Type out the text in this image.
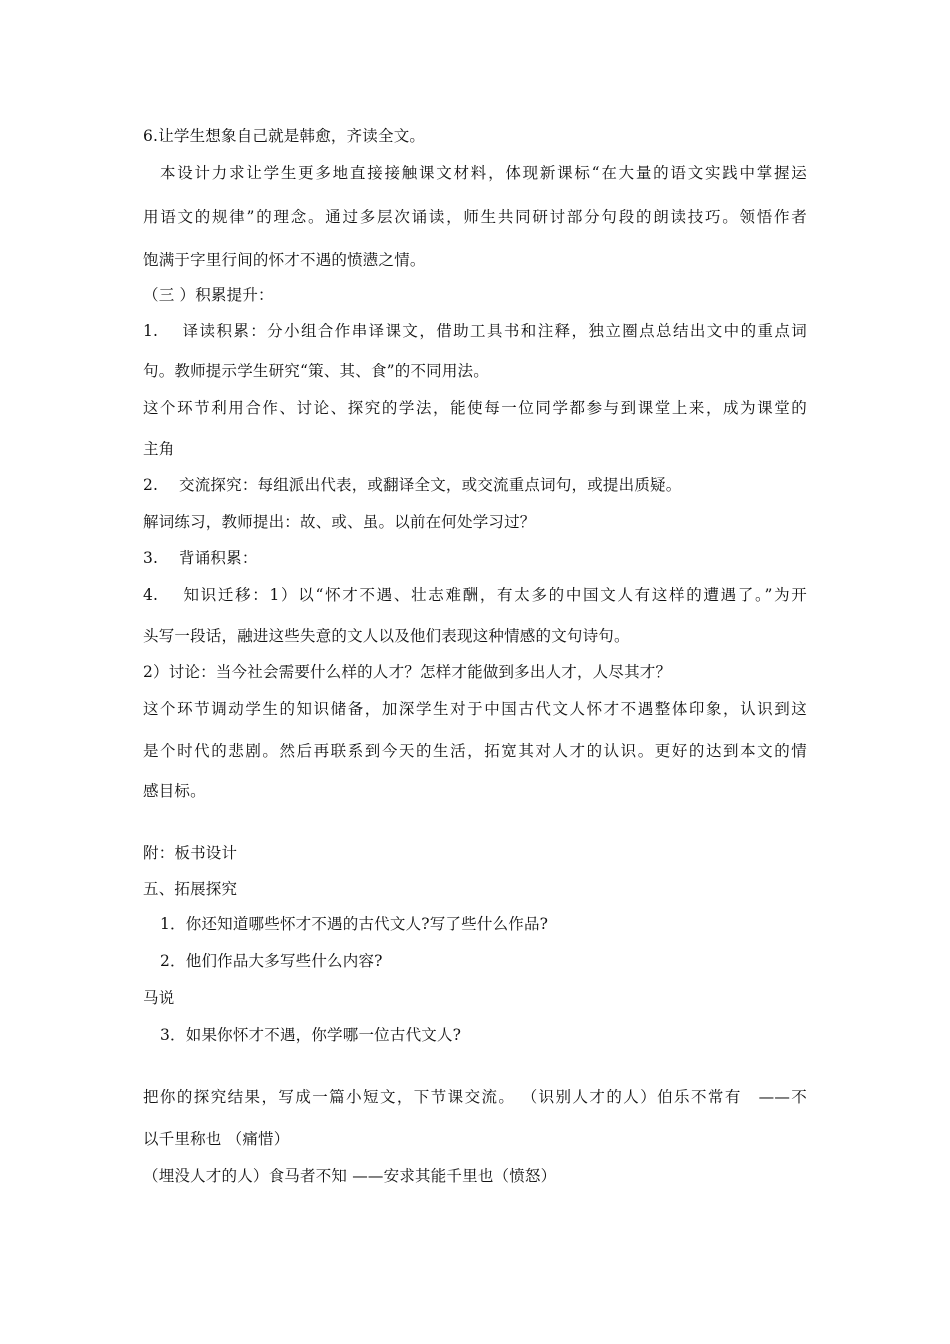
6.让学生想象自己就是韩愈，齐读全文。
本设计力求让学生更多地直接接触课文材料，体现新课标“在大量的语文实践中掌握运
用语文的规律”的理念。通过多层次诵读，师生共同研讨部分句段的朗读技巧。领悟作者
饱满于字里行间的怀才不遇的愤懑之情。
（三 ）积累提升：
1.　 译读积累：分小组合作串译课文，借助工具书和注释，独立圈点总结出文中的重点词
句。教师提示学生研究“策、其、食”的不同用法。
这个环节利用合作、讨论、探究的学法，能使每一位同学都参与到课堂上来，成为课堂的
主角
2.　 交流探究：每组派出代表，或翻译全文，或交流重点词句，或提出质疑。
解词练习，教师提出：故、或、虽。以前在何处学习过？
3.　 背诵积累：
4.　 知识迁移：1）以“怀才不遇、壮志难酬，有太多的中国文人有这样的遭遇了。”为开
头写一段话，融进这些失意的文人以及他们表现这种情感的文句诗句。
2）讨论：当今社会需要什么样的人才？怎样才能做到多出人才，人尽其才？
这个环节调动学生的知识储备，加深学生对于中国古代文人怀才不遇整体印象，认识到这
是个时代的悲剧。然后再联系到今天的生活，拓宽其对人才的认识。更好的达到本文的情
感目标。
附：板书设计
五、拓展探究
1．你还知道哪些怀才不遇的古代文人?写了些什么作品?
2．他们作品大多写些什么内容?
马说
3．如果你怀才不遇，你学哪一位古代文人?
把你的探究结果，写成一篇小短文，下节课交流。 （识别人才的人）伯乐不常有　——不
以千里称也 （痛惜）
（埋没人才的人）食马者不知 ——安求其能千里也（愤怒）
